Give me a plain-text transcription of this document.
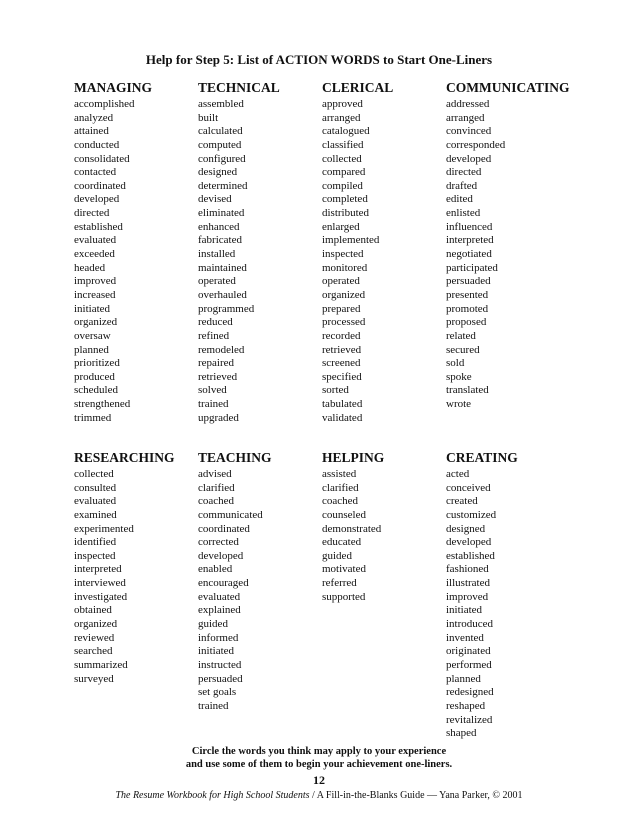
Help for Step 5: List of ACTION WORDS to Start One-Liners
MANAGING
accomplished
analyzed
attained
conducted
consolidated
contacted
coordinated
developed
directed
established
evaluated
exceeded
headed
improved
increased
initiated
organized
oversaw
planned
prioritized
produced
scheduled
strengthened
trimmed
TECHNICAL
assembled
built
calculated
computed
configured
designed
determined
devised
eliminated
enhanced
fabricated
installed
maintained
operated
overhauled
programmed
reduced
refined
remodeled
repaired
retrieved
solved
trained
upgraded
CLERICAL
approved
arranged
catalogued
classified
collected
compared
compiled
completed
distributed
enlarged
implemented
inspected
monitored
operated
organized
prepared
processed
recorded
retrieved
screened
specified
sorted
tabulated
validated
COMMUNICATING
addressed
arranged
convinced
corresponded
developed
directed
drafted
edited
enlisted
influenced
interpreted
negotiated
participated
persuaded
presented
promoted
proposed
related
secured
sold
spoke
translated
wrote
RESEARCHING
collected
consulted
evaluated
examined
experimented
identified
inspected
interpreted
interviewed
investigated
obtained
organized
reviewed
searched
summarized
surveyed
TEACHING
advised
clarified
coached
communicated
coordinated
corrected
developed
enabled
encouraged
evaluated
explained
guided
informed
initiated
instructed
persuaded
set goals
trained
HELPING
assisted
clarified
coached
counseled
demonstrated
educated
guided
motivated
referred
supported
CREATING
acted
conceived
created
customized
designed
developed
established
fashioned
illustrated
improved
initiated
introduced
invented
originated
performed
planned
redesigned
reshaped
revitalized
shaped
Circle the words you think may apply to your experience
and use some of them to begin your achievement one-liners.
12
The Resume Workbook for High School Students / A Fill-in-the-Blanks Guide — Yana Parker, © 2001
